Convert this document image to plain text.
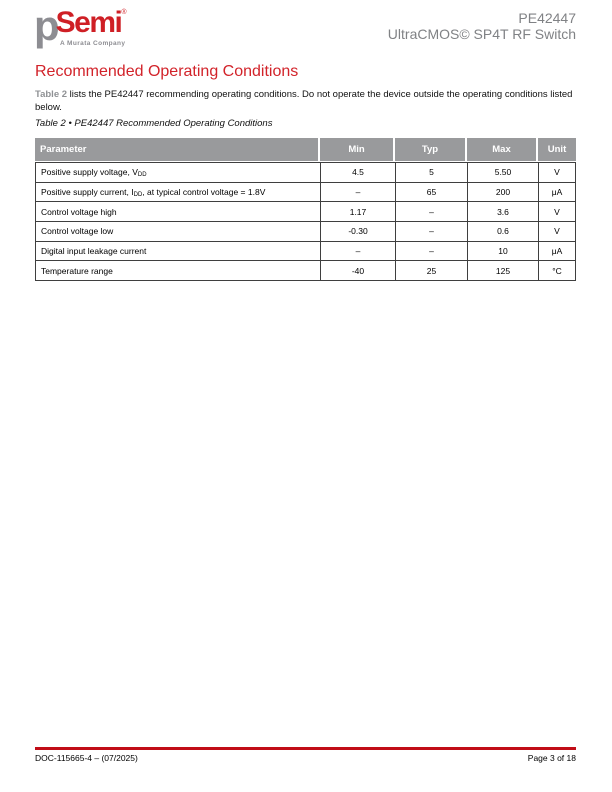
pSemi®
A Murata Company
PE42447
UltraCMOS© SP4T RF Switch
Recommended Operating Conditions
Table 2 lists the PE42447 recommending operating conditions. Do not operate the device outside the operating conditions listed below.
Table 2 • PE42447 Recommended Operating Conditions
Parameter	Min	Typ	Max	Unit
Positive supply voltage, $V_{DD}$	4.5	5	5.50	V
Positive supply current, $I_{DD}$ , at typical control voltage = 1.8V	–	65	200	μA
Control voltage high	1.17	–	3.6	V
Control voltage low	-0.30	–	0.6	V
Digital input leakage current	–	–	10	μA
Temperature range	-40	25	125	°C
DOC-115665-4 – (07/2025)	Page 3 of 18
